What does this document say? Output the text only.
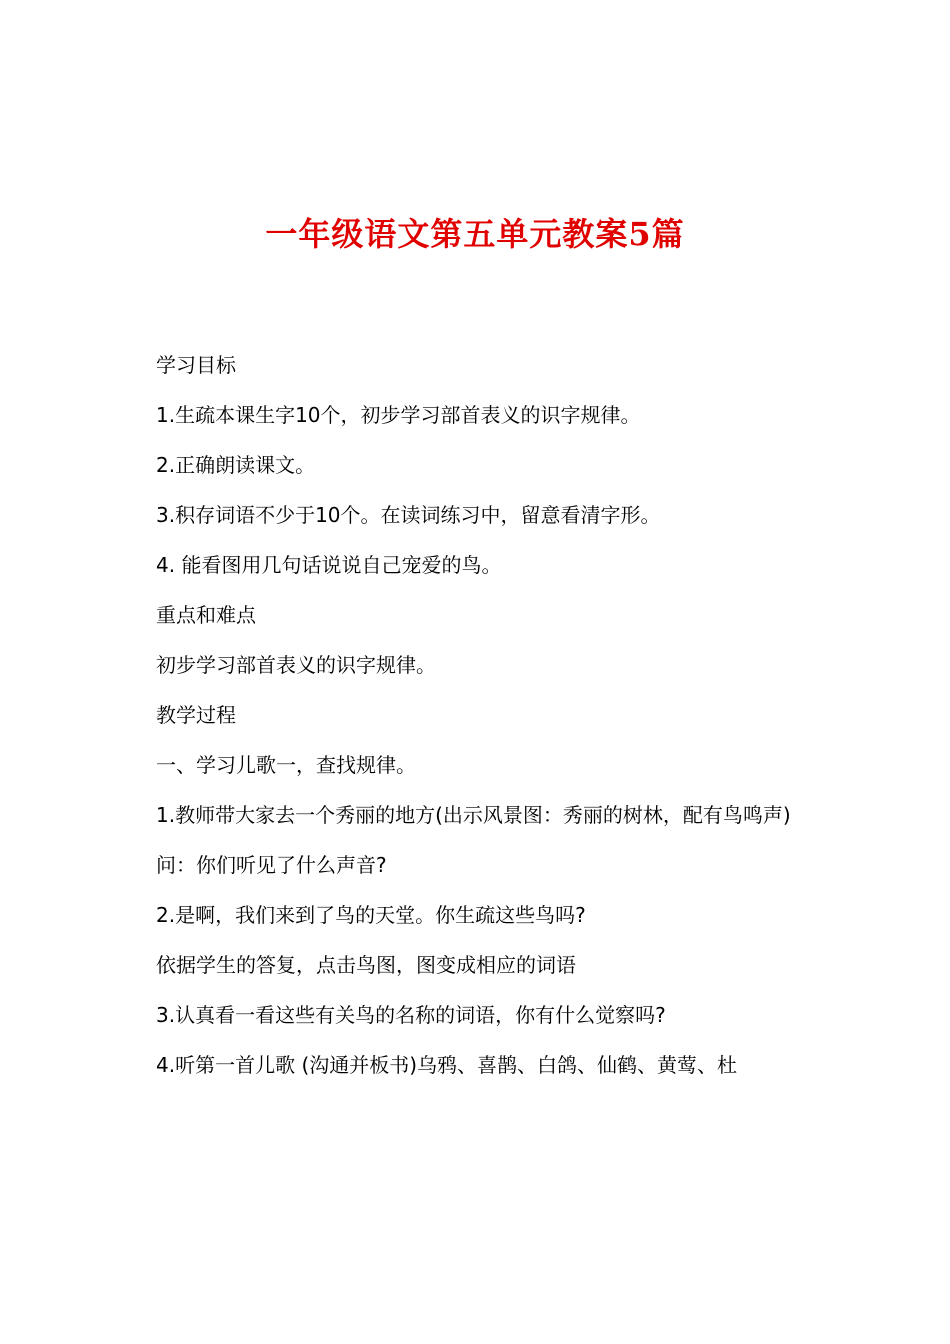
一年级语文第五单元教案5篇

学习目标

1.生疏本课生字10个，初步学习部首表义的识字规律。

2.正确朗读课文。

3.积存词语不少于10个。在读词练习中，留意看清字形。

4. 能看图用几句话说说自己宠爱的鸟。

重点和难点

初步学习部首表义的识字规律。

教学过程

一、学习儿歌一，查找规律。

1.教师带大家去一个秀丽的地方(出示风景图：秀丽的树林，配有鸟鸣声)

问：你们听见了什么声音?

2.是啊，我们来到了鸟的天堂。你生疏这些鸟吗?

依据学生的答复，点击鸟图，图变成相应的词语

3.认真看一看这些有关鸟的名称的词语，你有什么觉察吗?

4.听第一首儿歌 (沟通并板书)乌鸦、喜鹊、白鸽、仙鹤、黄莺、杜
